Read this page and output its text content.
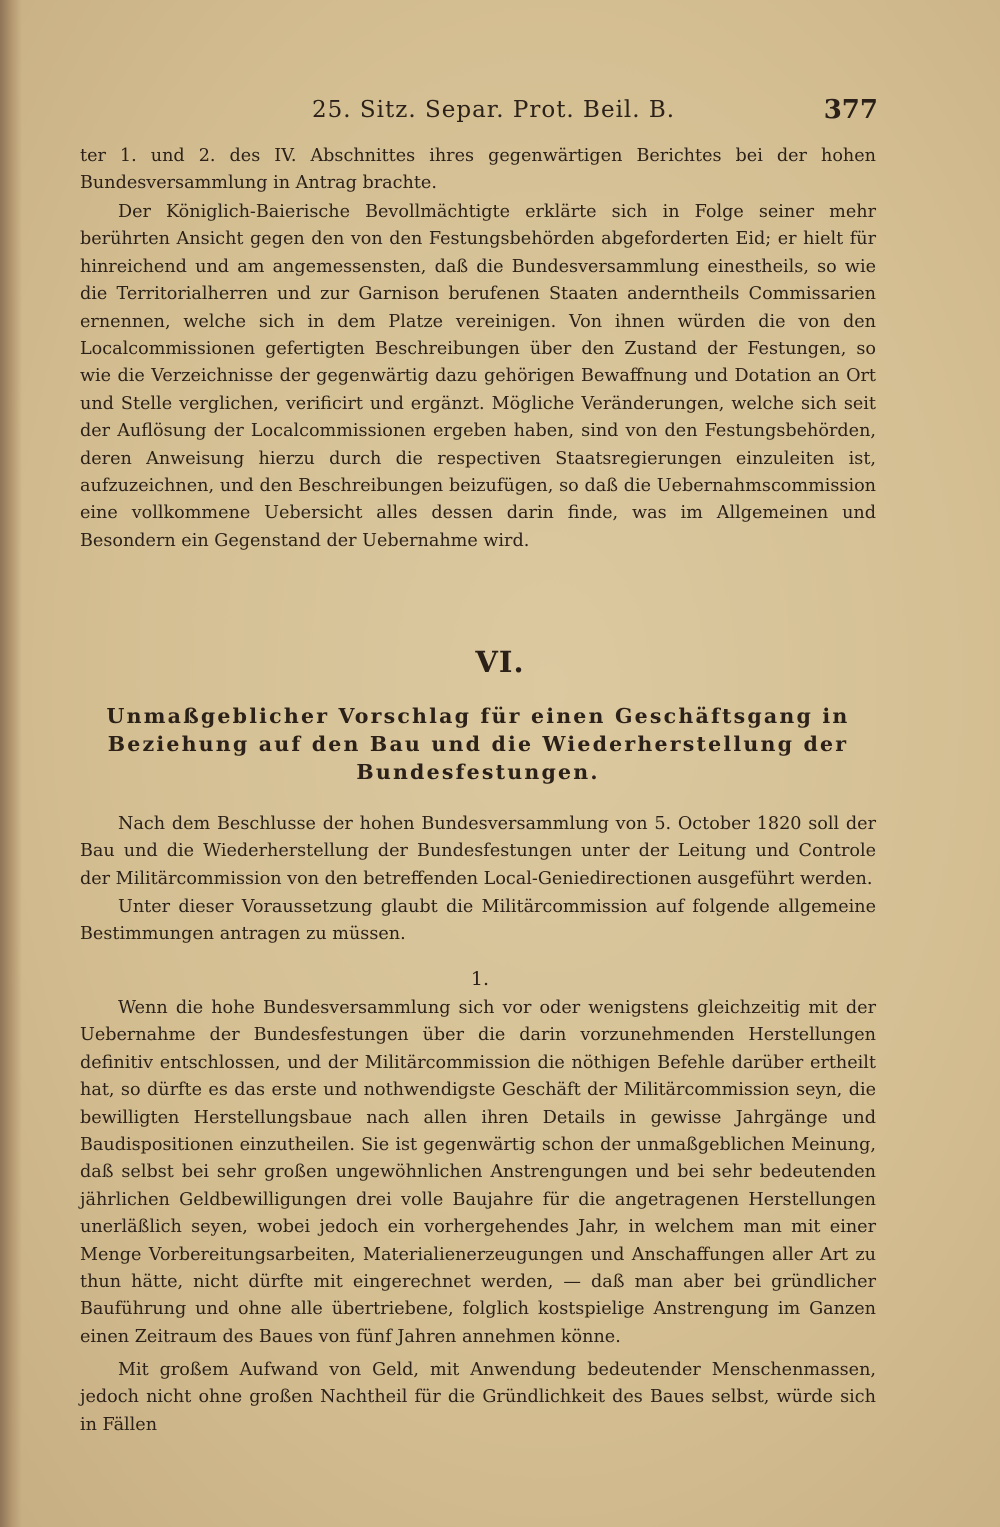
25. Sitz. Separ. Prot. Beil. B.	377

ter 1. und 2. des IV. Abschnittes ihres gegenwärtigen Berichtes bei der hohen Bundesversammlung in Antrag brachte.

Der Königlich-Baierische Bevollmächtigte erklärte sich in Folge seiner mehr berührten Ansicht gegen den von den Festungsbehörden abgeforderten Eid; er hielt für hinreichend und am angemessensten, daß die Bundesversammlung einestheils, so wie die Territorialherren und zur Garnison berufenen Staaten anderntheils Commissarien ernennen, welche sich in dem Platze vereinigen. Von ihnen würden die von den Localcommissionen gefertigten Beschreibungen über den Zustand der Festungen, so wie die Verzeichnisse der gegenwärtig dazu gehörigen Bewaffnung und Dotation an Ort und Stelle verglichen, verificirt und ergänzt. Mögliche Veränderungen, welche sich seit der Auflösung der Localcommissionen ergeben haben, sind von den Festungsbehörden, deren Anweisung hierzu durch die respectiven Staatsregierungen einzuleiten ist, aufzuzeichnen, und den Beschreibungen beizufügen, so daß die Uebernahmscommission eine vollkommene Uebersicht alles dessen darin finde, was im Allgemeinen und Besondern ein Gegenstand der Uebernahme wird.

VI.

Unmaßgeblicher Vorschlag für einen Geschäftsgang in Beziehung auf den Bau und die Wiederherstellung der Bundesfestungen.

Nach dem Beschlusse der hohen Bundesversammlung von 5. October 1820 soll der Bau und die Wiederherstellung der Bundesfestungen unter der Leitung und Controle der Militärcommission von den betreffenden Local-Geniedirectionen ausgeführt werden.

Unter dieser Voraussetzung glaubt die Militärcommission auf folgende allgemeine Bestimmungen antragen zu müssen.

1.

Wenn die hohe Bundesversammlung sich vor oder wenigstens gleichzeitig mit der Uebernahme der Bundesfestungen über die darin vorzunehmenden Herstellungen definitiv entschlossen, und der Militärcommission die nöthigen Befehle darüber ertheilt hat, so dürfte es das erste und nothwendigste Geschäft der Militärcommission seyn, die bewilligten Herstellungsbaue nach allen ihren Details in gewisse Jahrgänge und Baudispositionen einzutheilen. Sie ist gegenwärtig schon der unmaßgeblichen Meinung, daß selbst bei sehr großen ungewöhnlichen Anstrengungen und bei sehr bedeutenden jährlichen Geldbewilligungen drei volle Baujahre für die angetragenen Herstellungen unerläßlich seyen, wobei jedoch ein vorhergehendes Jahr, in welchem man mit einer Menge Vorbereitungsarbeiten, Materialienerzeugungen und Anschaffungen aller Art zu thun hätte, nicht dürfte mit eingerechnet werden, — daß man aber bei gründlicher Bauführung und ohne alle übertriebene, folglich kostspielige Anstrengung im Ganzen einen Zeitraum des Baues von fünf Jahren annehmen könne.

Mit großem Aufwand von Geld, mit Anwendung bedeutender Menschenmassen, jedoch nicht ohne großen Nachtheil für die Gründlichkeit des Baues selbst, würde sich in Fällen
